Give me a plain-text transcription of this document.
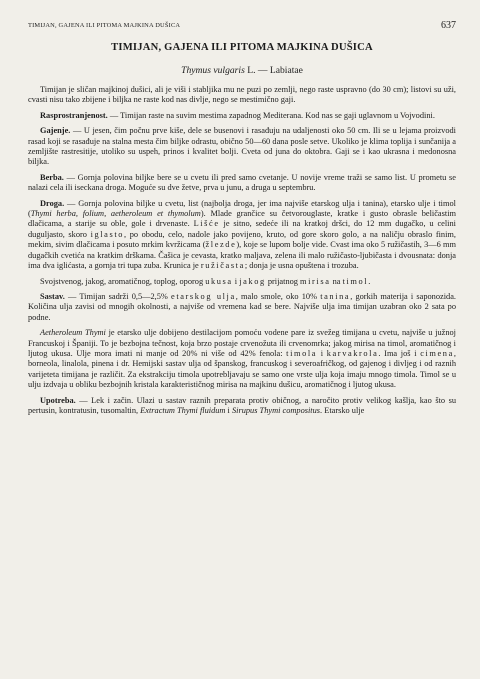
TIMIJAN, GAJENA ILI PITOMA MAJKINA DUŠICA	637
TIMIJAN, GAJENA ILI PITOMA MAJKINA DUŠICA
Thymus vulgaris L. — Labiatae

Timijan je sličan majkinoj dušici, ali je viši i stabljika mu ne puzi po zemlji, nego raste uspravno (do 30 cm); listovi su uži, cvasti nisu tako zbijene i biljka ne raste kod nas divlje, nego se mestimično gaji.

Rasprostranjenost. — Timijan raste na suvim mestima zapadnog Mediterana. Kod nas se gaji uglavnom u Vojvodini.

Gajenje. — U jesen, čim počnu prve kiše, dele se busenovi i rasađuju na udaljenosti oko 50 cm. Ili se u lejama proizvodi rasad koji se rasađuje na stalna mesta čim biljke odrastu, obično 50—60 dana posle setve. Ukoliko je klima toplija i sunčanija a zemljište rastresitije, utoliko su uspeh, prinos i kvalitet bolji. Cveta od juna do oktobra. Gaji se i kao ukrasna i medonosna biljka.

Berba. — Gornja polovina biljke bere se u cvetu ili pred samo cvetanje. U novije vreme traži se samo list. U prometu se nalazi cela ili iseckana droga. Moguće su dve žetve, prva u junu, a druga u septembru.

Droga. — Gornja polovina biljke u cvetu, list (najbolja droga, jer ima najviše etarskog ulja i tanina), etarsko ulje i timol (Thymi herba, folium, aetheroleum et thymolum). Mlade grančice su četvorouglaste, kratke i gusto obrasle beličastim dlačicama, a starije su oble, gole i drvenaste. Lišće je sitno, sedeće ili na kratkoj dršci, do 12 mm dugačko, u celini duguljasto, skoro iglasto, po obodu, celo, nadole jako povijeno, kruto, od gore skoro golo, a na naličju obraslo finim, mekim, sivim dlačicama i posuto mrkim kvržicama (žlezde), koje se lupom bolje vide. Cvast ima oko 5 ružičastih, 3—6 mm dugačkih cvetića na kratkim drškama. Čašica je cevasta, kratko maljava, zelena ili malo ružičasto-ljubičasta i dvousnata: donja ima dva iglićasta, a gornja tri tupa zuba. Krunica je ružičasta; donja je usna opuštena i trozuba.

Svojstvenog, jakog, aromatičnog, toplog, oporog ukusa i jakog prijatnog mirisa na timol.

Sastav. — Timijan sadrži 0,5—2,5% etarskog ulja, malo smole, oko 10% tanina, gorkih materija i saponozida. Količina ulja zavisi od mnogih okolnosti, a najviše od vremena kad se bere. Najviše ulja ima timijan uzabran oko 2 sata po podne.

Aetheroleum Thymi je etarsko ulje dobijeno destilacijom pomoću vodene pare iz svežeg timijana u cvetu, najviše u južnoj Francuskoj i Španiji. To je bezbojna tečnost, koja brzo postaje crvenožuta ili crvenomrka; jakog mirisa na timol, aromatičnog i ljutog ukusa. Ulje mora imati ni manje od 20% ni više od 42% fenola: timola i karvakrola. Ima još i cimena, borneola, linalola, pinena i dr. Hemijski sastav ulja od španskog, francuskog i severoafričkog, od gajenog i divljeg i od raznih varijeteta timijana je različit. Za ekstrakciju timola upotrebljavaju se samo one vrste ulja koja imaju mnogo timola. Timol se u ulju izdvaja u obliku bezbojnih kristala karakterističnog mirisa na majkinu dušicu, aromatičnog i ljutog ukusa.

Upotreba. — Lek i začin. Ulazi u sastav raznih preparata protiv običnog, a naročito protiv velikog kašlja, kao što su pertusin, kontratusin, tusomaltin, Extractum Thymi fluidum i Sirupus Thymi compositus. Etarsko ulje
